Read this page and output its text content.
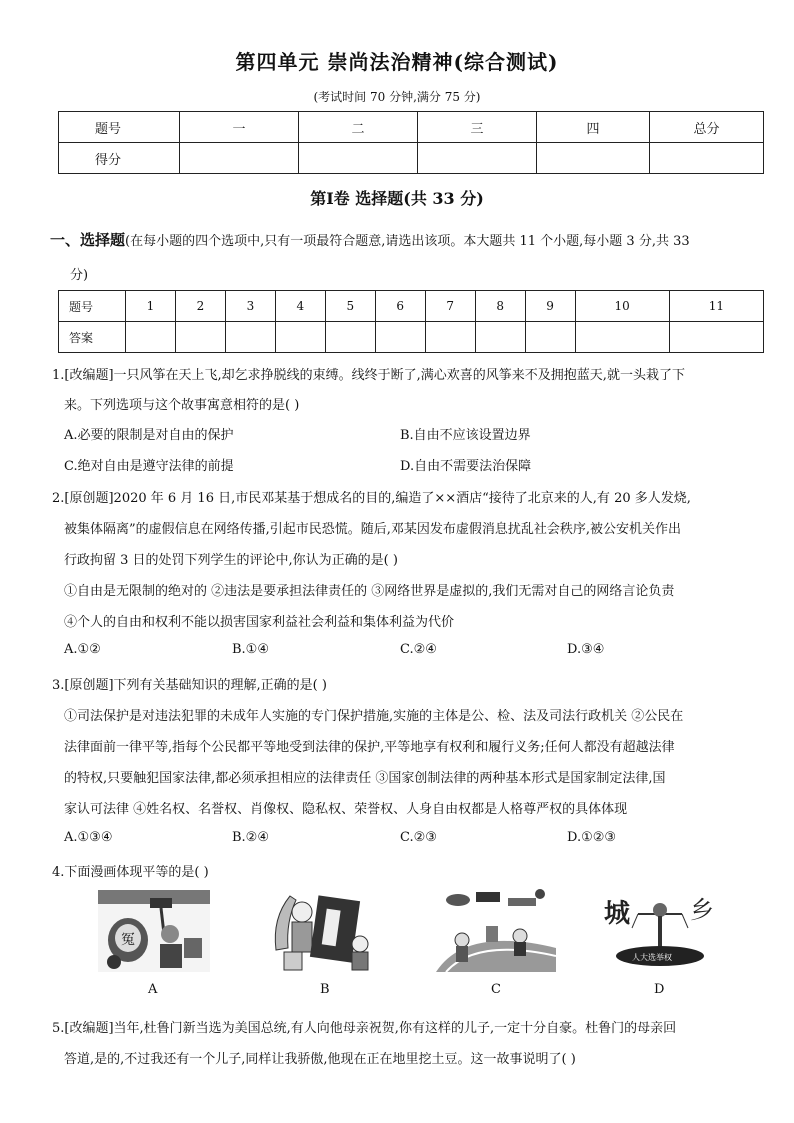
第四单元 崇尚法治精神(综合测试)
(考试时间 70 分钟,满分 75 分)
题号	一	二	三	四	总分
得分					
第Ⅰ卷 选择题(共 33 分)
一、选择题(在每小题的四个选项中,只有一项最符合题意,请选出该项。本大题共 11 个小题,每小题 3 分,共 33
分)
题号	1	2	3	4	5	6	7	8	9	10	11
答案											
1.[改编题]一只风筝在天上飞,却乞求挣脱线的束缚。线终于断了,满心欢喜的风筝来不及拥抱蓝天,就一头栽了下
来。下列选项与这个故事寓意相符的是( )
A.必要的限制是对自由的保护	B.自由不应该设置边界
C.绝对自由是遵守法律的前提	D.自由不需要法治保障
2.[原创题]2020 年 6 月 16 日,市民邓某基于想成名的目的,编造了××酒店“接待了北京来的人,有 20 多人发烧,
被集体隔离”的虚假信息在网络传播,引起市民恐慌。随后,邓某因发布虚假消息扰乱社会秩序,被公安机关作出
行政拘留 3 日的处罚下列学生的评论中,你认为正确的是( )
①自由是无限制的绝对的 ②违法是要承担法律责任的 ③网络世界是虚拟的,我们无需对自己的网络言论负责
④个人的自由和权利不能以损害国家利益社会利益和集体利益为代价
A.①②	B.①④	C.②④	D.③④
3.[原创题]下列有关基础知识的理解,正确的是( )
①司法保护是对违法犯罪的未成年人实施的专门保护措施,实施的主体是公、检、法及司法行政机关 ②公民在
法律面前一律平等,指每个公民都平等地受到法律的保护,平等地享有权利和履行义务;任何人都没有超越法律
的特权,只要触犯国家法律,都必须承担相应的法律责任 ③国家创制法律的两种基本形式是国家制定法律,国
家认可法律 ④姓名权、名誉权、肖像权、隐私权、荣誉权、人身自由权都是人格尊严权的具体体现
A.①③④	B.②④	C.②③	D.①②③
4.下面漫画体现平等的是( )
冤
A	B	C
城 乡
人大选举权
D
5.[改编题]当年,杜鲁门新当选为美国总统,有人向他母亲祝贺,你有这样的儿子,一定十分自豪。杜鲁门的母亲回
答道,是的,不过我还有一个儿子,同样让我骄傲,他现在正在地里挖土豆。这一故事说明了( )
